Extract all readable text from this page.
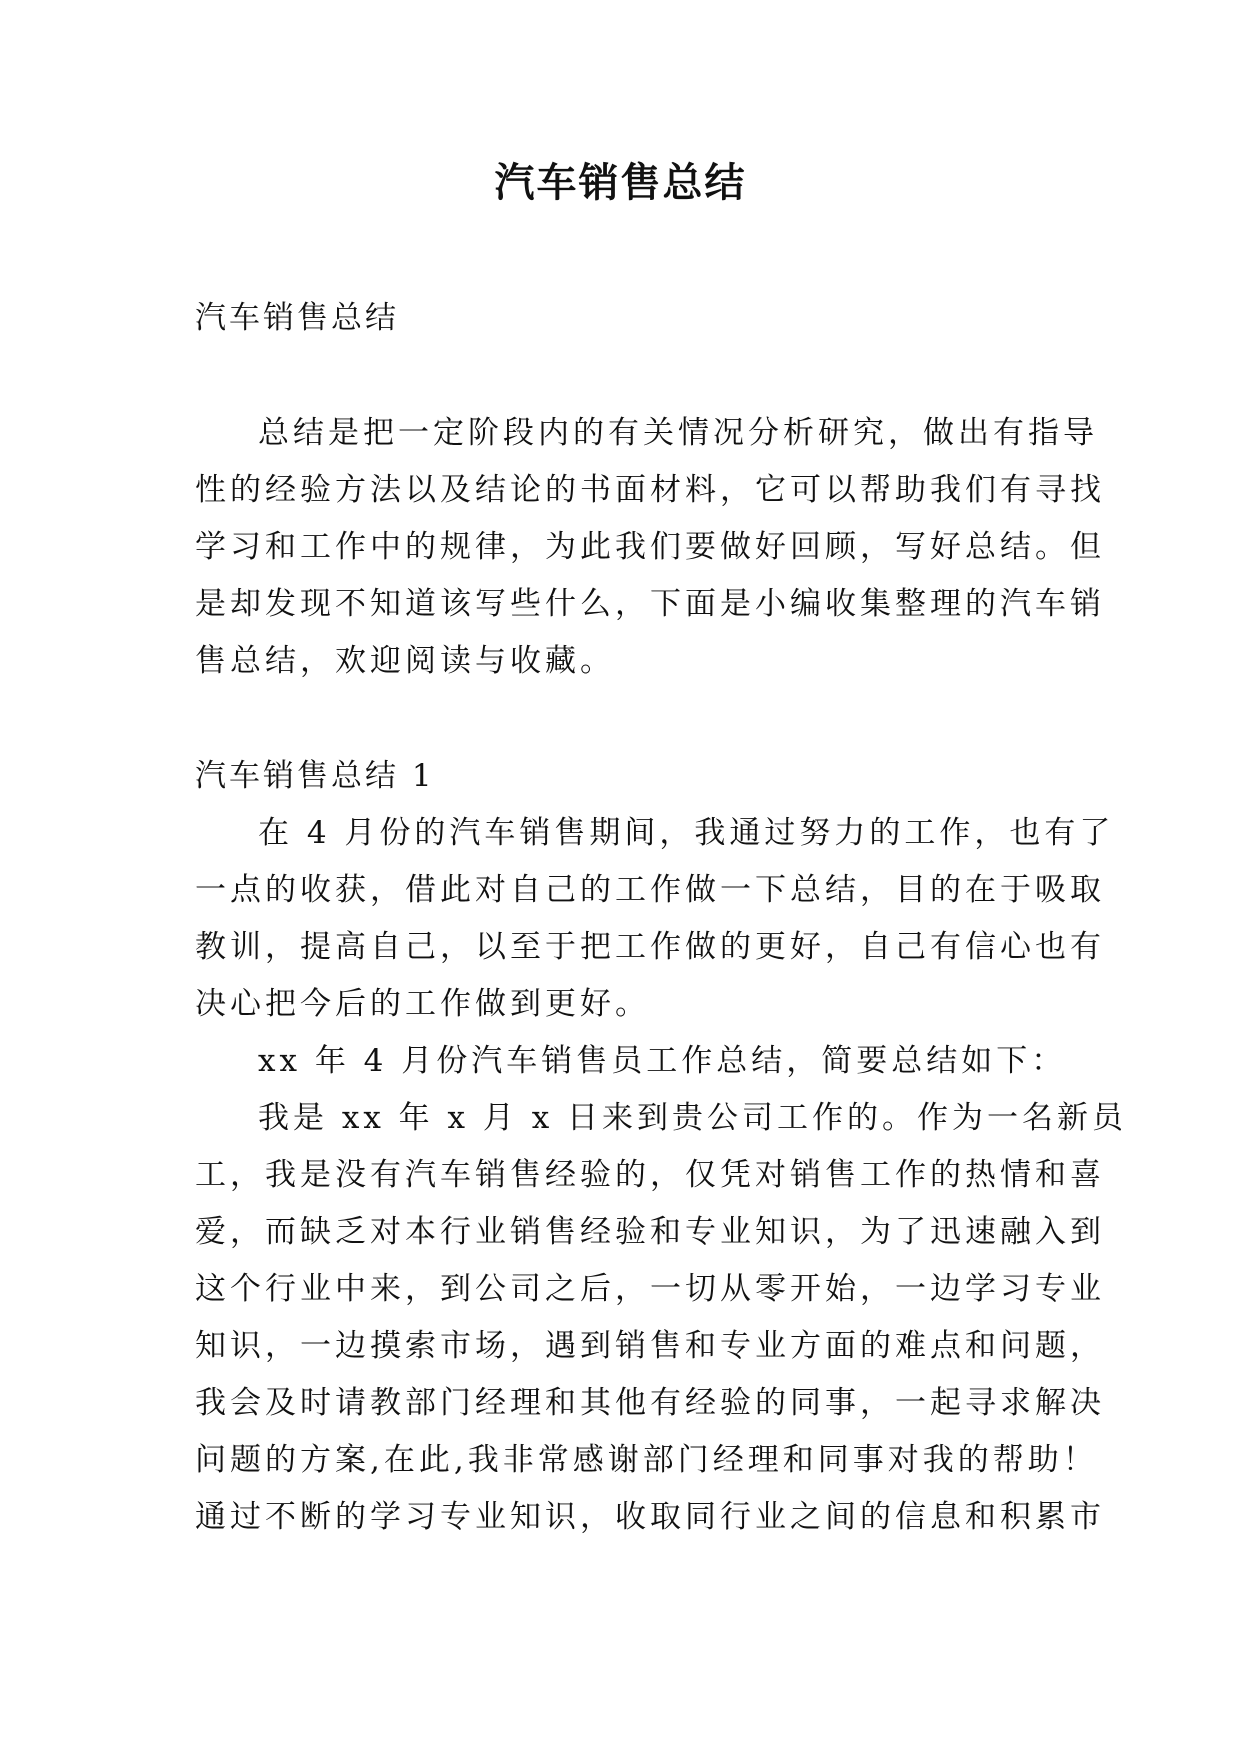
汽车销售总结
汽车销售总结
总结是把一定阶段内的有关情况分析研究，做出有指导
性的经验方法以及结论的书面材料，它可以帮助我们有寻找
学习和工作中的规律，为此我们要做好回顾，写好总结。但
是却发现不知道该写些什么，下面是小编收集整理的汽车销
售总结，欢迎阅读与收藏。
汽车销售总结 1
在 4 月份的汽车销售期间，我通过努力的工作，也有了
一点的收获，借此对自己的工作做一下总结，目的在于吸取
教训，提高自己，以至于把工作做的更好，自己有信心也有
决心把今后的工作做到更好。
xx 年 4 月份汽车销售员工作总结，简要总结如下：
我是 xx 年 x 月 x 日来到贵公司工作的。作为一名新员
工，我是没有汽车销售经验的，仅凭对销售工作的热情和喜
爱，而缺乏对本行业销售经验和专业知识，为了迅速融入到
这个行业中来，到公司之后，一切从零开始，一边学习专业
知识，一边摸索市场，遇到销售和专业方面的难点和问题，
我会及时请教部门经理和其他有经验的同事，一起寻求解决
问题的方案,在此,我非常感谢部门经理和同事对我的帮助！
通过不断的学习专业知识，收取同行业之间的信息和积累市
